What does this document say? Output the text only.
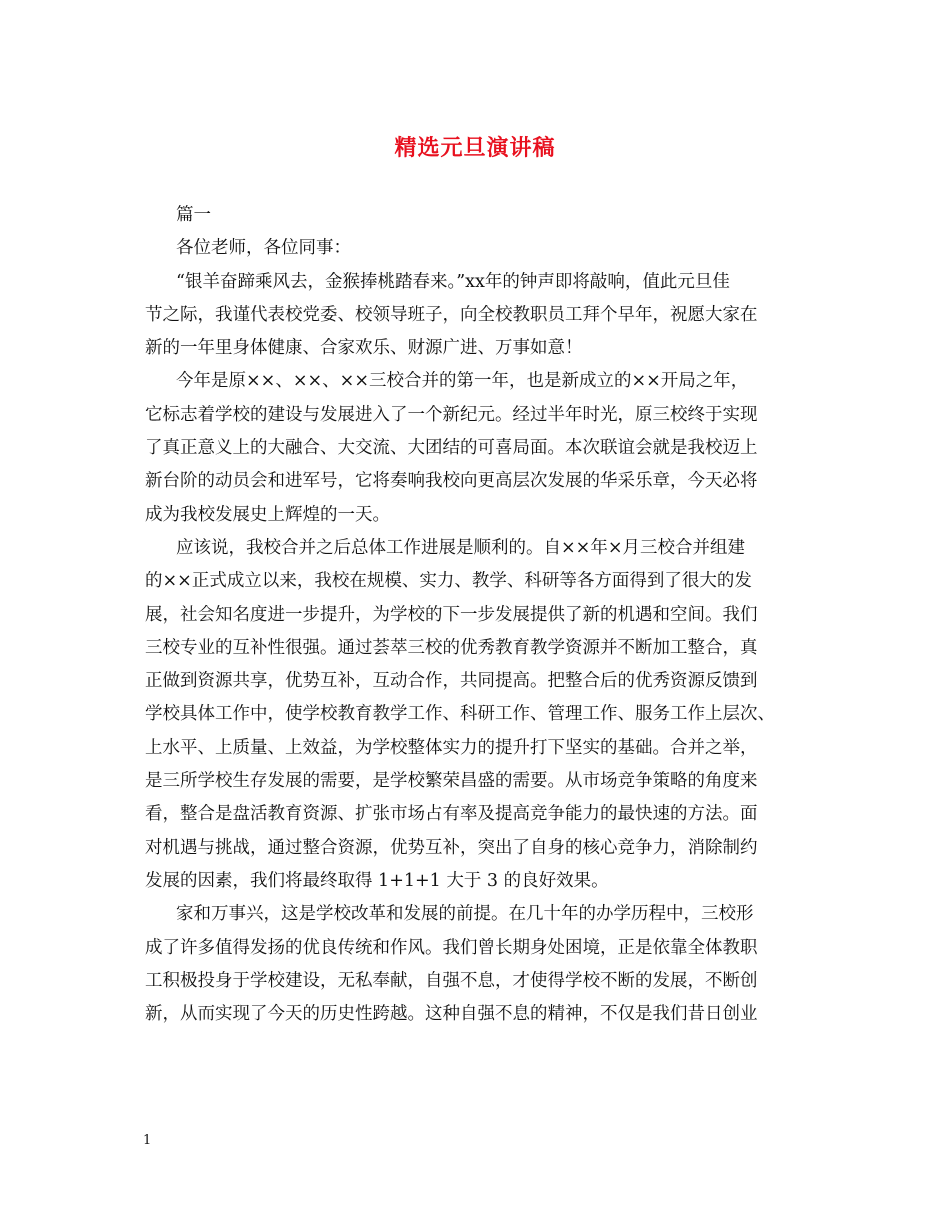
精选元旦演讲稿

篇一

各位老师，各位同事：

“银羊奋蹄乘风去，金猴捧桃踏春来。”xx年的钟声即将敲响，值此元旦佳

节之际，我谨代表校党委、校领导班子，向全校教职员工拜个早年，祝愿大家在

新的一年里身体健康、合家欢乐、财源广进、万事如意！

今年是原××、××、××三校合并的第一年，也是新成立的××开局之年，

它标志着学校的建设与发展进入了一个新纪元。经过半年时光，原三校终于实现

了真正意义上的大融合、大交流、大团结的可喜局面。本次联谊会就是我校迈上

新台阶的动员会和进军号，它将奏响我校向更高层次发展的华采乐章，今天必将

成为我校发展史上辉煌的一天。

应该说，我校合并之后总体工作进展是顺利的。自××年×月三校合并组建

的××正式成立以来，我校在规模、实力、教学、科研等各方面得到了很大的发

展，社会知名度进一步提升，为学校的下一步发展提供了新的机遇和空间。我们

三校专业的互补性很强。通过荟萃三校的优秀教育教学资源并不断加工整合，真

正做到资源共享，优势互补，互动合作，共同提高。把整合后的优秀资源反馈到

学校具体工作中，使学校教育教学工作、科研工作、管理工作、服务工作上层次、

上水平、上质量、上效益，为学校整体实力的提升打下坚实的基础。合并之举，

是三所学校生存发展的需要，是学校繁荣昌盛的需要。从市场竞争策略的角度来

看，整合是盘活教育资源、扩张市场占有率及提高竞争能力的最快速的方法。面

对机遇与挑战，通过整合资源，优势互补，突出了自身的核心竞争力，消除制约

发展的因素，我们将最终取得 1+1+1 大于 3 的良好效果。

家和万事兴，这是学校改革和发展的前提。在几十年的办学历程中，三校形

成了许多值得发扬的优良传统和作风。我们曾长期身处困境，正是依靠全体教职

工积极投身于学校建设，无私奉献，自强不息，才使得学校不断的发展，不断创

新，从而实现了今天的历史性跨越。这种自强不息的精神，不仅是我们昔日创业

1
